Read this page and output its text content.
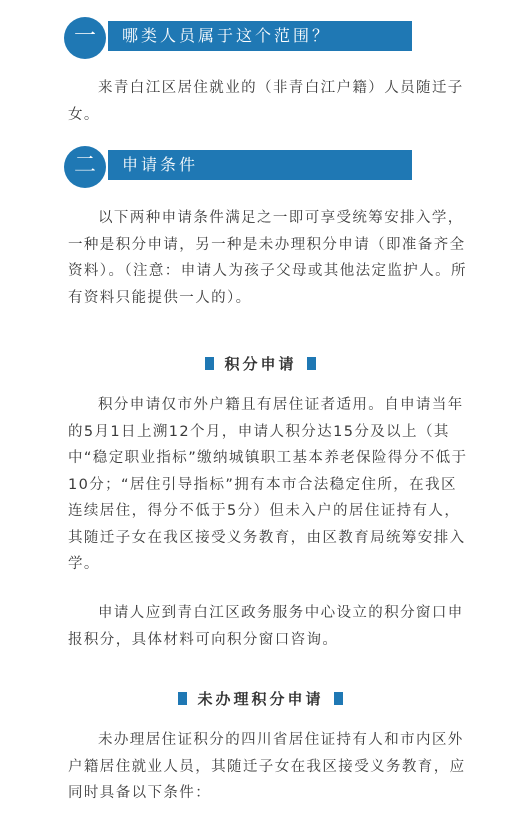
哪类人员属于这个范围？
一

来青白江区居住就业的（非青白江户籍）人员随迁子女。

申请条件
二

以下两种申请条件满足之一即可享受统筹安排入学，一种是积分申请，另一种是未办理积分申请（即准备齐全资料）。（注意：申请人为孩子父母或其他法定监护人。所有资料只能提供一人的）。

积分申请

积分申请仅市外户籍且有居住证者适用。自申请当年的5月1日上溯12个月，申请人积分达15分及以上（其中“稳定职业指标”缴纳城镇职工基本养老保险得分不低于10分；“居住引导指标”拥有本市合法稳定住所，在我区连续居住，得分不低于5分）但未入户的居住证持有人，其随迁子女在我区接受义务教育，由区教育局统筹安排入学。

申请人应到青白江区政务服务中心设立的积分窗口申报积分，具体材料可向积分窗口咨询。

未办理积分申请

未办理居住证积分的四川省居住证持有人和市内区外户籍居住就业人员，其随迁子女在我区接受义务教育，应同时具备以下条件：
